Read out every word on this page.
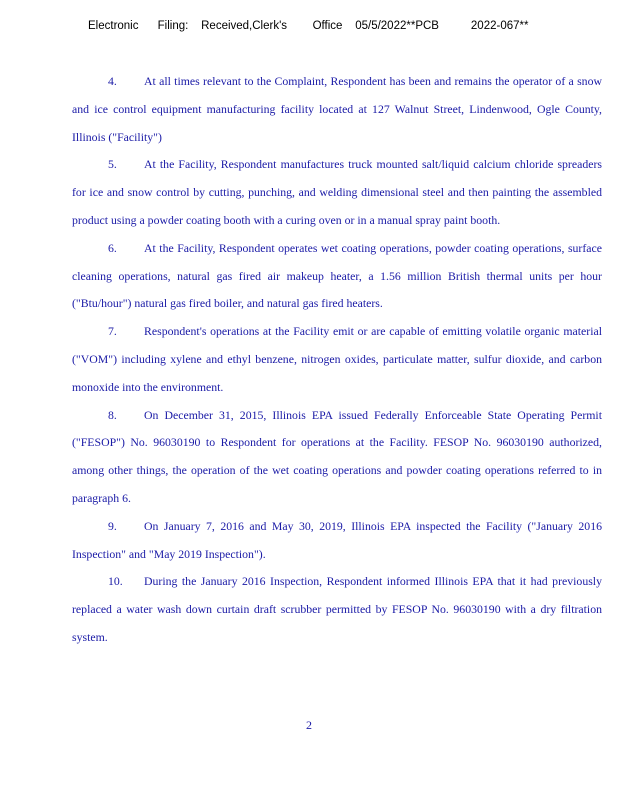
Electronic      Filing:    Received,Clerk's        Office    05/5/2022**PCB          2022-067**

4. At all times relevant to the Complaint, Respondent has been and remains the operator of a snow and ice control equipment manufacturing facility located at 127 Walnut Street, Lindenwood, Ogle County, Illinois ("Facility")

5. At the Facility, Respondent manufactures truck mounted salt/liquid calcium chloride spreaders for ice and snow control by cutting, punching, and welding dimensional steel and then painting the assembled product using a powder coating booth with a curing oven or in a manual spray paint booth.

6. At the Facility, Respondent operates wet coating operations, powder coating operations, surface cleaning operations, natural gas fired air makeup heater, a 1.56 million British thermal units per hour ("Btu/hour") natural gas fired boiler, and natural gas fired heaters.

7. Respondent's operations at the Facility emit or are capable of emitting volatile organic material ("VOM") including xylene and ethyl benzene, nitrogen oxides, particulate matter, sulfur dioxide, and carbon monoxide into the environment.

8. On December 31, 2015, Illinois EPA issued Federally Enforceable State Operating Permit ("FESOP") No. 96030190 to Respondent for operations at the Facility. FESOP No. 96030190 authorized, among other things, the operation of the wet coating operations and powder coating operations referred to in paragraph 6.

9. On January 7, 2016 and May 30, 2019, Illinois EPA inspected the Facility ("January 2016 Inspection" and "May 2019 Inspection").

10. During the January 2016 Inspection, Respondent informed Illinois EPA that it had previously replaced a water wash down curtain draft scrubber permitted by FESOP No. 96030190 with a dry filtration system.

2
